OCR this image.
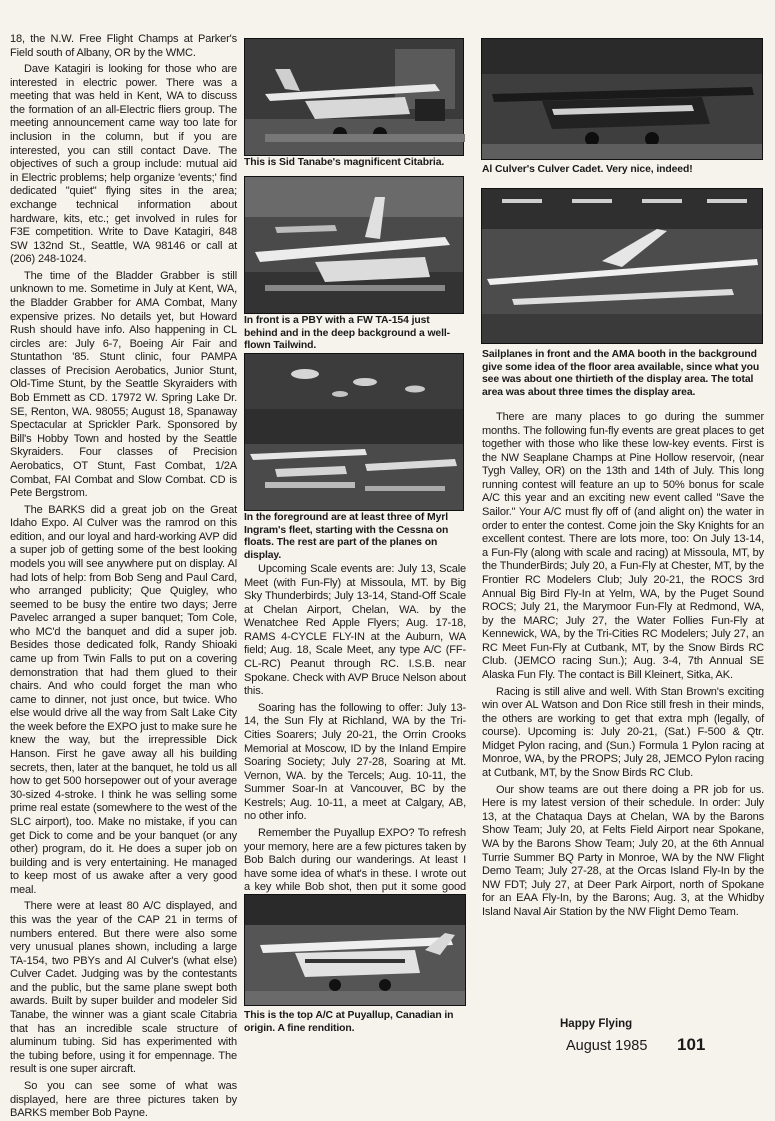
18, the N.W. Free Flight Champs at Parker's Field south of Albany, OR by the WMC.

Dave Katagiri is looking for those who are interested in electric power. There was a meeting that was held in Kent, WA to discuss the formation of an all-Electric fliers group. The meeting announcement came way too late for inclusion in the column, but if you are interested, you can still contact Dave. The objectives of such a group include: mutual aid in Electric problems; help organize 'events;' find dedicated "quiet" flying sites in the area; exchange technical information about hardware, kits, etc.; get involved in rules for F3E competition. Write to Dave Katagiri, 848 SW 132nd St., Seattle, WA 98146 or call at (206) 248-1024.

The time of the Bladder Grabber is still unknown to me. Sometime in July at Kent, WA, the Bladder Grabber for AMA Combat, Many expensive prizes. No details yet, but Howard Rush should have info. Also happening in CL circles are: July 6-7, Boeing Air Fair and Stuntathon '85. Stunt clinic, four PAMPA classes of Precision Aerobatics, Junior Stunt, Old-Time Stunt, by the Seattle Skyraiders with Bob Emmett as CD. 17972 W. Spring Lake Dr. SE, Renton, WA. 98055; August 18, Spanaway Spectacular at Sprickler Park. Sponsored by Bill's Hobby Town and hosted by the Seattle Skyraiders. Four classes of Precision Aerobatics, OT Stunt, Fast Combat, 1/2A Combat, FAI Combat and Slow Combat. CD is Pete Bergstrom.

The BARKS did a great job on the Great Idaho Expo. Al Culver was the ramrod on this edition, and our loyal and hard-working AVP did a super job of getting some of the best looking models you will see anywhere put on display. Al had lots of help: from Bob Seng and Paul Card, who arranged publicity; Que Quigley, who seemed to be busy the entire two days; Jerre Pavelec arranged a super banquet; Tom Cole, who MC'd the banquet and did a super job. Besides those dedicated folk, Randy Shioaki came up from Twin Falls to put on a covering demonstration that had them glued to their chairs. And who could forget the man who came to dinner, not just once, but twice. Who else would drive all the way from Salt Lake City the week before the EXPO just to make sure he knew the way, but the irrepressible Dick Hanson. First he gave away all his building secrets, then, later at the banquet, he told us all how to get 500 horsepower out of your average 30-sized 4-stroke. I think he was selling some prime real estate (somewhere to the west of the SLC airport), too. Make no mistake, if you can get Dick to come and be your banquet (or any other) program, do it. He does a super job on building and is very entertaining. He managed to keep most of us awake after a very good meal.

There were at least 80 A/C displayed, and this was the year of the CAP 21 in terms of numbers entered. But there were also some very unusual planes shown, including a large TA-154, two PBYs and Al Culver's (what else) Culver Cadet. Judging was by the contestants and the public, but the same plane swept both awards. Built by super builder and modeler Sid Tanabe, the winner was a giant scale Citabria that has an incredible scale structure of aluminum tubing. Sid has experimented with the tubing before, using it for empennage. The result is one super aircraft.

So you can see some of what was displayed, here are three pictures taken by BARKS member Bob Payne.

This is Sid Tanabe's magnificent Citabria.
In front is a PBY with a FW TA-154 just behind and in the deep background a well-flown Tailwind.
In the foreground are at least three of Myrl Ingram's fleet, starting with the Cessna on floats. The rest are part of the planes on display.

Upcoming Scale events are: July 13, Scale Meet (with Fun-Fly) at Missoula, MT. by Big Sky Thunderbirds; July 13-14, Stand-Off Scale at Chelan Airport, Chelan, WA. by the Wenatchee Red Apple Flyers; Aug. 17-18, RAMS 4-CYCLE FLY-IN at the Auburn, WA field; Aug. 18, Scale Meet, any type A/C (FF-CL-RC) Peanut through RC. I.S.B. near Spokane. Check with AVP Bruce Nelson about this.

Soaring has the following to offer: July 13-14, the Sun Fly at Richland, WA by the Tri-Cities Soarers; July 20-21, the Orrin Crooks Memorial at Moscow, ID by the Inland Empire Soaring Society; July 27-28, Soaring at Mt. Vernon, WA. by the Tercels; Aug. 10-11, the Summer Soar-In at Vancouver, BC by the Kestrels; Aug. 10-11, a meet at Calgary, AB, no other info.

Remember the Puyallup EXPO? To refresh your memory, here are a few pictures taken by Bob Balch during our wanderings. At least I have some idea of what's in these. I wrote out a key while Bob shot, then put it some good

This is the top A/C at Puyallup, Canadian in origin. A fine rendition.
Al Culver's Culver Cadet. Very nice, indeed!
Sailplanes in front and the AMA booth in the background give some idea of the floor area available, since what you see was about one thirtieth of the display area. The total area was about three times the display area.

There are many places to go during the summer months. The following fun-fly events are great places to get together with those who like these low-key events. First is the NW Seaplane Champs at Pine Hollow reservoir, (near Tygh Valley, OR) on the 13th and 14th of July. This long running contest will feature an up to 50% bonus for scale A/C this year and an exciting new event called "Save the Sailor." Your A/C must fly off of (and alight on) the water in order to enter the contest. Come join the Sky Knights for an excellent contest. There are lots more, too: On July 13-14, a Fun-Fly (along with scale and racing) at Missoula, MT, by the ThunderBirds; July 20, a Fun-Fly at Chester, MT, by the Frontier RC Modelers Club; July 20-21, the ROCS 3rd Annual Big Bird Fly-In at Yelm, WA, by the Puget Sound ROCS; July 21, the Marymoor Fun-Fly at Redmond, WA, by the MARC; July 27, the Water Follies Fun-Fly at Kennewick, WA, by the Tri-Cities RC Modelers; July 27, an RC Meet Fun-Fly at Cutbank, MT, by the Snow Birds RC Club. (JEMCO racing Sun.); Aug. 3-4, 7th Annual SE Alaska Fun Fly. The contact is Bill Kleinert, Sitka, AK.

Racing is still alive and well. With Stan Brown's exciting win over AL Watson and Don Rice still fresh in their minds, the others are working to get that extra mph (legally, of course). Upcoming is: July 20-21, (Sat.) F-500 & Qtr. Midget Pylon racing, and (Sun.) Formula 1 Pylon racing at Monroe, WA, by the PROPS; July 28, JEMCO Pylon racing at Cutbank, MT, by the Snow Birds RC Club.

Our show teams are out there doing a PR job for us. Here is my latest version of their schedule. In order: July 13, at the Chataqua Days at Chelan, WA by the Barons Show Team; July 20, at Felts Field Airport near Spokane, WA by the Barons Show Team; July 20, at the 6th Annual Turrie Summer BQ Party in Monroe, WA by the NW Flight Demo Team; July 27-28, at the Orcas Island Fly-In by the NW FDT; July 27, at Deer Park Airport, north of Spokane for an EAA Fly-In, by the Barons; Aug. 3, at the Whidby Island Naval Air Station by the NW Flight Demo Team.

Happy Flying
August 1985 101
